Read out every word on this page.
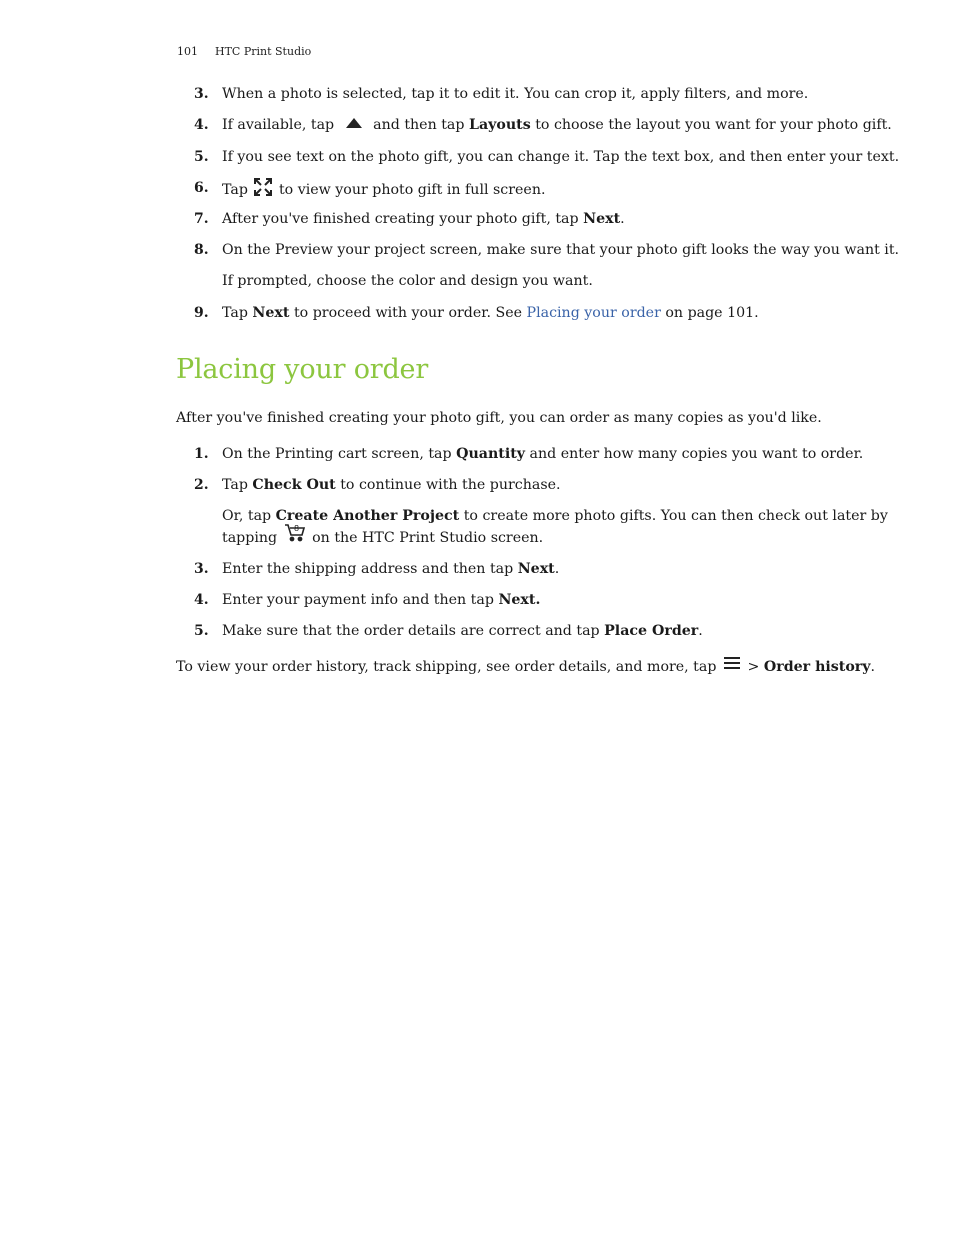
101 HTC Print Studio
3. When a photo is selected, tap it to edit it. You can crop it, apply filters, and more.
4. If available, tap	and then tap Layouts to choose the layout you want for your photo gift.
5. If you see text on the photo gift, you can change it. Tap the text box, and then enter your text.
6. Tap to view your photo gift in full screen.
7. After you've finished creating your photo gift, tap Next.
8. On the Preview your project screen, make sure that your photo gift looks the way you want it.
If prompted, choose the color and design you want.
9. Tap Next to proceed with your order. See Placing your order on page 101.
Placing your order
After you've finished creating your photo gift, you can order as many copies as you'd like.
1. On the Printing cart screen, tap Quantity and enter how many copies you want to order.
2. Tap Check Out to continue with the purchase.
Or, tap Create Another Project to create more photo gifts. You can then check out later by
tapping
8
on the HTC Print Studio screen.
3. Enter the shipping address and then tap Next.
4. Enter your payment info and then tap Next.
5. Make sure that the order details are correct and tap Place Order.
To view your order history, track shipping, see order details, and more, tap > Order history.
